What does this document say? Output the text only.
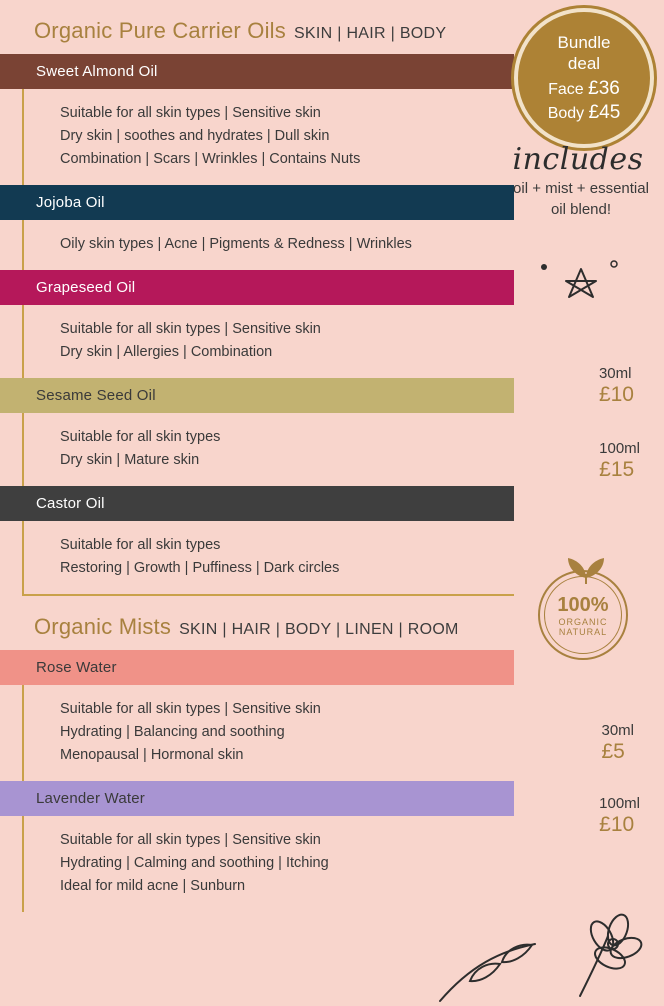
Organic Pure Carrier Oils SKIN | HAIR | BODY
Sweet Almond Oil
Suitable for all skin types | Sensitive skin
Dry skin | soothes and hydrates | Dull skin
Combination | Scars | Wrinkles | Contains Nuts
Jojoba Oil
Oily skin types | Acne | Pigments & Redness | Wrinkles
Grapeseed Oil
Suitable for all skin types | Sensitive skin
Dry skin | Allergies | Combination
Sesame Seed Oil
Suitable for all skin types
Dry skin | Mature skin
Castor Oil
Suitable for all skin types
Restoring | Growth | Puffiness | Dark circles
Organic Mists SKIN | HAIR | BODY | LINEN | ROOM
Rose Water
Suitable for all skin types | Sensitive skin
Hydrating | Balancing and soothing
Menopausal | Hormonal skin
Lavender Water
Suitable for all skin types | Sensitive skin
Hydrating | Calming and soothing | Itching
Ideal for mild acne | Sunburn
Bundle
deal
Face £36
Body £45
includes
oil + mist + essential oil blend!
30ml
£10
100ml
£15
100%
ORGANIC
NATURAL
30ml
£5
100ml
£10
